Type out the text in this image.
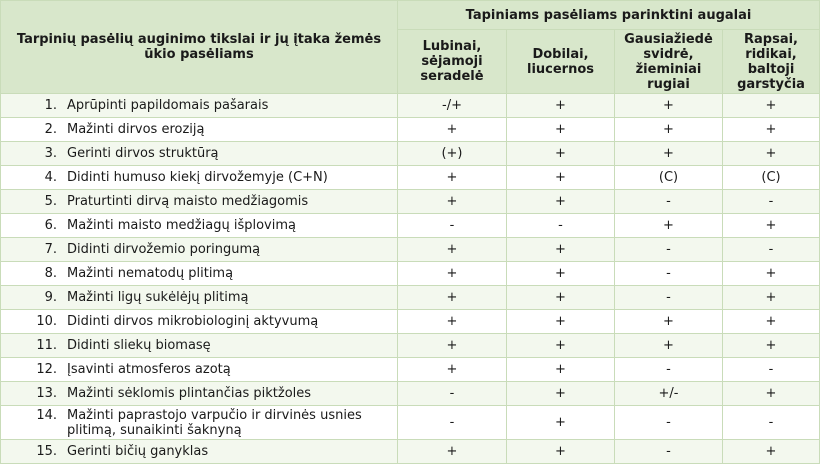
Tarpinių pasėlių auginimo tikslai ir jų įtaka žemės ūkio pasėliams	Tapiniams pasėliams parinktini augalai			
	Lubinai, sėjamoji seradelė	Dobilai, liucernos	Gausiažiedė svidrė, žieminiai rugiai	Rapsai, ridikai, baltoji garstyčia
1. Aprūpinti papildomais pašarais	-/+	+	+	+
2. Mažinti dirvos eroziją	+	+	+	+
3. Gerinti dirvos struktūrą	(+)	+	+	+
4. Didinti humuso kiekį dirvožemyje (C+N)	+	+	(C)	(C)
5. Praturtinti dirvą maisto medžiagomis	+	+	-	-
6. Mažinti maisto medžiagų išplovimą	-	-	+	+
7. Didinti dirvožemio poringumą	+	+	-	-
8. Mažinti nematodų plitimą	+	+	-	+
9. Mažinti ligų sukėlėjų plitimą	+	+	-	+
10. Didinti dirvos mikrobiologinį aktyvumą	+	+	+	+
11. Didinti sliekų biomasę	+	+	+	+
12. Įsavinti atmosferos azotą	+	+	-	-
13. Mažinti sėklomis plintančias piktžoles	-	+	+/-	+
14. Mažinti paprastojo varpučio ir dirvinės usnies plitimą, sunaikinti šaknyną	-	+	-	-
15. Gerinti bičių ganyklas	+	+	-	+
